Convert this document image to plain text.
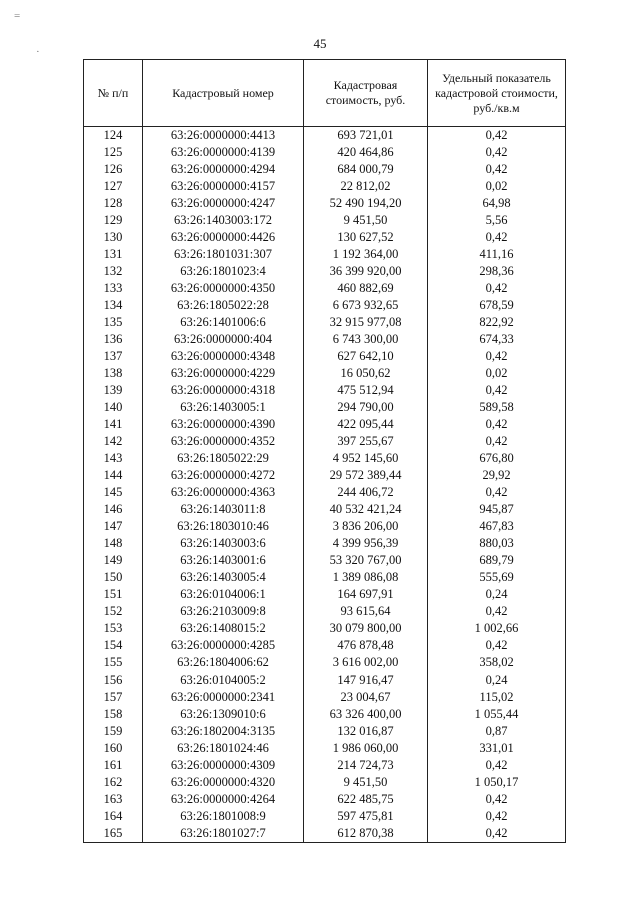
=
·
45
№ п/п	Кадастровый номер	Кадастровая стоимость, руб.	Удельный показатель кадастровой стоимости, руб./кв.м
124	63:26:0000000:4413	693 721,01	0,42
125	63:26:0000000:4139	420 464,86	0,42
126	63:26:0000000:4294	684 000,79	0,42
127	63:26:0000000:4157	22 812,02	0,02
128	63:26:0000000:4247	52 490 194,20	64,98
129	63:26:1403003:172	9 451,50	5,56
130	63:26:0000000:4426	130 627,52	0,42
131	63:26:1801031:307	1 192 364,00	411,16
132	63:26:1801023:4	36 399 920,00	298,36
133	63:26:0000000:4350	460 882,69	0,42
134	63:26:1805022:28	6 673 932,65	678,59
135	63:26:1401006:6	32 915 977,08	822,92
136	63:26:0000000:404	6 743 300,00	674,33
137	63:26:0000000:4348	627 642,10	0,42
138	63:26:0000000:4229	16 050,62	0,02
139	63:26:0000000:4318	475 512,94	0,42
140	63:26:1403005:1	294 790,00	589,58
141	63:26:0000000:4390	422 095,44	0,42
142	63:26:0000000:4352	397 255,67	0,42
143	63:26:1805022:29	4 952 145,60	676,80
144	63:26:0000000:4272	29 572 389,44	29,92
145	63:26:0000000:4363	244 406,72	0,42
146	63:26:1403011:8	40 532 421,24	945,87
147	63:26:1803010:46	3 836 206,00	467,83
148	63:26:1403003:6	4 399 956,39	880,03
149	63:26:1403001:6	53 320 767,00	689,79
150	63:26:1403005:4	1 389 086,08	555,69
151	63:26:0104006:1	164 697,91	0,24
152	63:26:2103009:8	93 615,64	0,42
153	63:26:1408015:2	30 079 800,00	1 002,66
154	63:26:0000000:4285	476 878,48	0,42
155	63:26:1804006:62	3 616 002,00	358,02
156	63:26:0104005:2	147 916,47	0,24
157	63:26:0000000:2341	23 004,67	115,02
158	63:26:1309010:6	63 326 400,00	1 055,44
159	63:26:1802004:3135	132 016,87	0,87
160	63:26:1801024:46	1 986 060,00	331,01
161	63:26:0000000:4309	214 724,73	0,42
162	63:26:0000000:4320	9 451,50	1 050,17
163	63:26:0000000:4264	622 485,75	0,42
164	63:26:1801008:9	597 475,81	0,42
165	63:26:1801027:7	612 870,38	0,42
